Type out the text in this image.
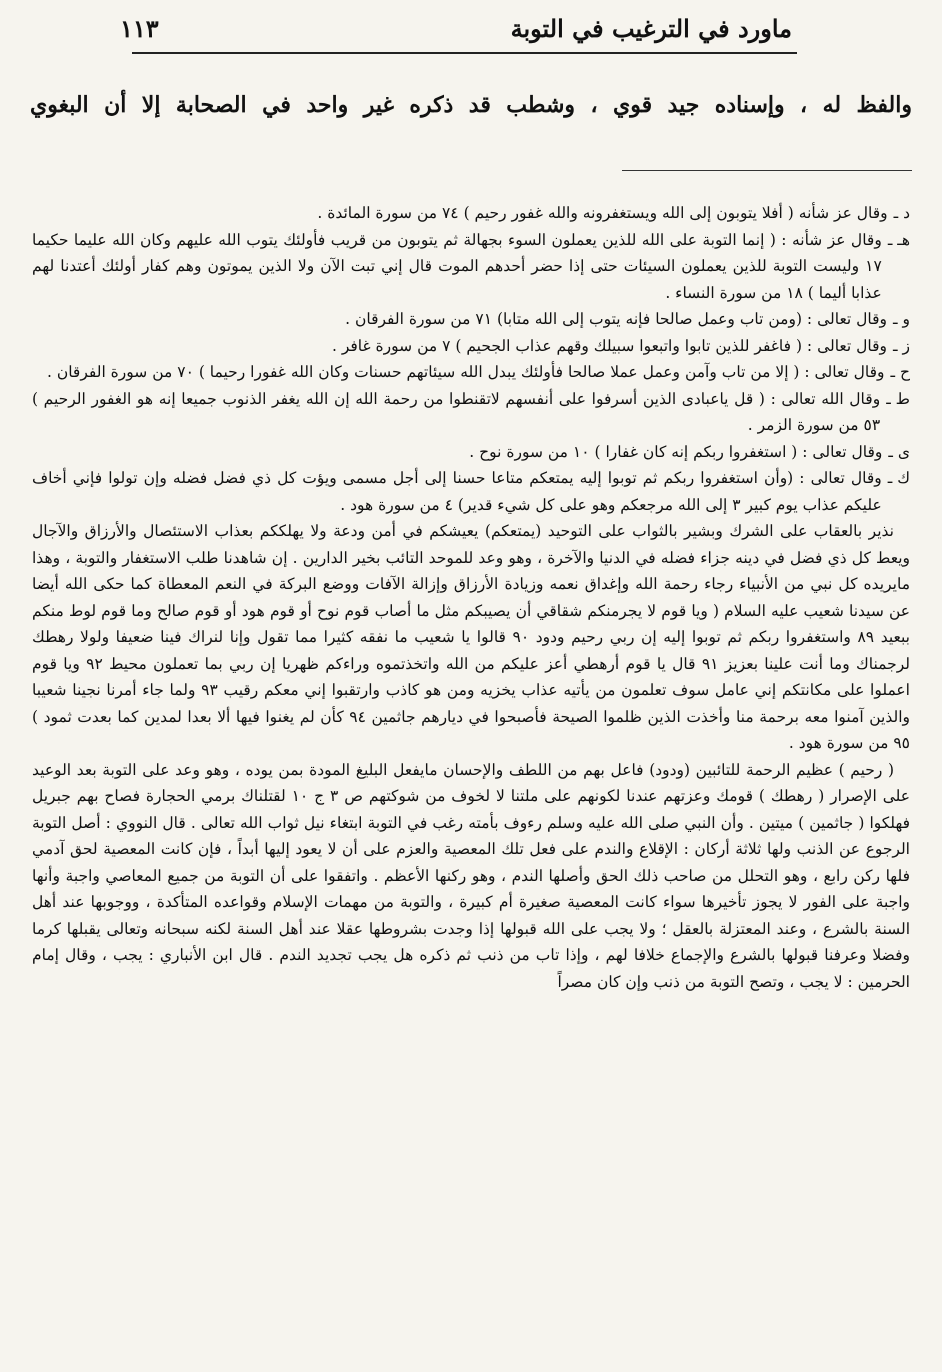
ماورد في الترغيب في التوبة
١١٣
والفظ له ، وإسناده جيد قوي ، وشطب قد ذكره غير واحد في الصحابة إلا أن البغوي
د ـ
وقال عز شأنه ( أفلا يتوبون إلى الله ويستغفرونه والله غفور رحيم ) ٧٤ من سورة المائدة .
هـ ـ
وقال عز شأنه : ( إنما التوبة على الله للذين يعملون السوء بجهالة ثم يتوبون من قريب فأولئك يتوب الله عليهم وكان الله عليما حكيما ١٧ وليست التوبة للذين يعملون السيئات حتى إذا حضر أحدهم الموت قال إني تبت الآن ولا الذين يموتون وهم كفار أولئك أعتدنا لهم عذابا أليما ) ١٨ من سورة النساء .
و ـ
وقال تعالى : (ومن تاب وعمل صالحا فإنه يتوب إلى الله متابا) ٧١ من سورة الفرقان .
ز ـ
وقال تعالى : ( فاغفر للذين تابوا واتبعوا سبيلك وقهم عذاب الجحيم ) ٧ من سورة غافر .
ح ـ
وقال تعالى : ( إلا من تاب وآمن وعمل عملا صالحا فأولئك يبدل الله سيئاتهم حسنات وكان الله غفورا رحيما ) ٧٠ من سورة الفرقان .
ط ـ
وقال الله تعالى : ( قل ياعبادى الذين أسرفوا على أنفسهم لاتقنطوا من رحمة الله إن الله يغفر الذنوب جميعا إنه هو الغفور الرحيم ) ٥٣ من سورة الزمر .
ى ـ
وقال تعالى : ( استغفروا ربكم إنه كان غفارا ) ١٠ من سورة نوح .
ك ـ
وقال تعالى : (وأن استغفروا ربكم ثم توبوا إليه يمتعكم متاعا حسنا إلى أجل مسمى ويؤت كل ذي فضل فضله وإن تولوا فإني أخاف عليكم عذاب يوم كبير ٣ إلى الله مرجعكم وهو على كل شيء قدير) ٤ من سورة هود .

نذير بالعقاب على الشرك وبشير بالثواب على التوحيد (يمتعكم) يعيشكم في أمن ودعة ولا يهلككم بعذاب الاستئصال والأرزاق والآجال ويعط كل ذي فضل في دينه جزاء فضله في الدنيا والآخرة ، وهو وعد للموحد التائب بخير الدارين . إن شاهدنا طلب الاستغفار والتوبة ، وهذا مايريده كل نبي من الأنبياء رجاء رحمة الله وإغداق نعمه وزيادة الأرزاق وإزالة الآفات ووضع البركة في النعم المعطاة كما حكى الله أيضا عن سيدنا شعيب عليه السلام ( ويا قوم لا يجرمنكم شقاقي أن يصيبكم مثل ما أصاب قوم نوح أو قوم هود أو قوم صالح وما قوم لوط منكم ببعيد ٨٩ واستغفروا ربكم ثم توبوا إليه إن ربي رحيم ودود ٩٠ قالوا يا شعيب ما نفقه كثيرا مما تقول وإنا لنراك فينا ضعيفا ولولا رهطك لرجمناك وما أنت علينا بعزيز ٩١ قال يا قوم أرهطي أعز عليكم من الله واتخذتموه وراءكم ظهريا إن ربي بما تعملون محيط ٩٢ ويا قوم اعملوا على مكانتكم إني عامل سوف تعلمون من يأتيه عذاب يخزيه ومن هو كاذب وارتقبوا إني معكم رقيب ٩٣ ولما جاء أمرنا نجينا شعيبا والذين آمنوا معه برحمة منا وأخذت الذين ظلموا الصيحة فأصبحوا في ديارهم جاثمين ٩٤ كأن لم يغنوا فيها ألا بعدا لمدين كما بعدت ثمود ) ٩٥ من سورة هود .

( رحيم ) عظيم الرحمة للتائبين (ودود) فاعل بهم من اللطف والإحسان مايفعل البليغ المودة بمن يوده ، وهو وعد على التوبة بعد الوعيد على الإصرار ( رهطك ) قومك وعزتهم عندنا لكونهم على ملتنا لا لخوف من شوكتهم ص ٣ ج ١٠ لقتلناك برمي الحجارة فصاح بهم جبريل فهلكوا ( جاثمين ) ميتين . وأن النبي صلى الله عليه وسلم رءوف بأمته رغب في التوبة ابتغاء نيل ثواب الله تعالى . قال النووي : أصل التوبة الرجوع عن الذنب ولها ثلاثة أركان : الإقلاع والندم على فعل تلك المعصية والعزم على أن لا يعود إليها أبداً ، فإن كانت المعصية لحق آدمي فلها ركن رابع ، وهو التحلل من صاحب ذلك الحق وأصلها الندم ، وهو ركنها الأعظم . واتفقوا على أن التوبة من جميع المعاصي واجبة وأنها واجبة على الفور لا يجوز تأخيرها سواء كانت المعصية صغيرة أم كبيرة ، والتوبة من مهمات الإسلام وقواعده المتأكدة ، ووجوبها عند أهل السنة بالشرع ، وعند المعتزلة بالعقل ؛ ولا يجب على الله قبولها إذا وجدت بشروطها عقلا عند أهل السنة لكنه سبحانه وتعالى يقبلها كرما وفضلا وعرفنا قبولها بالشرع والإجماع خلافا لهم ، وإذا تاب من ذنب ثم ذكره هل يجب تجديد الندم . قال ابن الأنباري : يجب ، وقال إمام الحرمين : لا يجب ، وتصح التوبة من ذنب وإن كان مصراً
